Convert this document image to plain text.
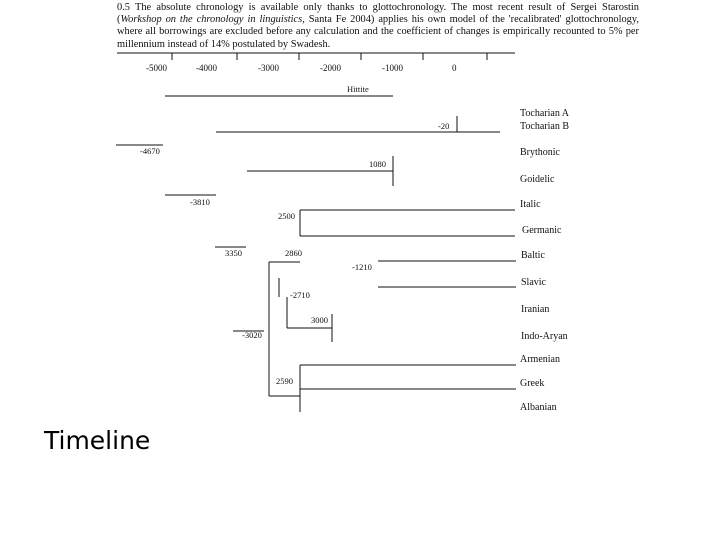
0.5 The absolute chronology is available only thanks to glottochronology. The most recent result of Sergei Starostin (Workshop on the chronology in linguistics, Santa Fe 2004) applies his own model of the 'recalibrated' glottochronology, where all borrowings are excluded before any calculation and the coefficient of changes is empirically recounted to 5% per millennium instead of 14% postulated by Swadesh.

-5000	-4000	-3000	-2000	-1000	0
Hittite
-20
-4670
1080
-3810
2500
3350	2860
-1210
-2710
3000
-3020
2590
Tocharian A
Tocharian B
Brythonic
Goidelic
Italic
Germanic
Baltic
Slavic
Iranian
Indo-Aryan
Armenian
Greek
Albanian
Timeline
